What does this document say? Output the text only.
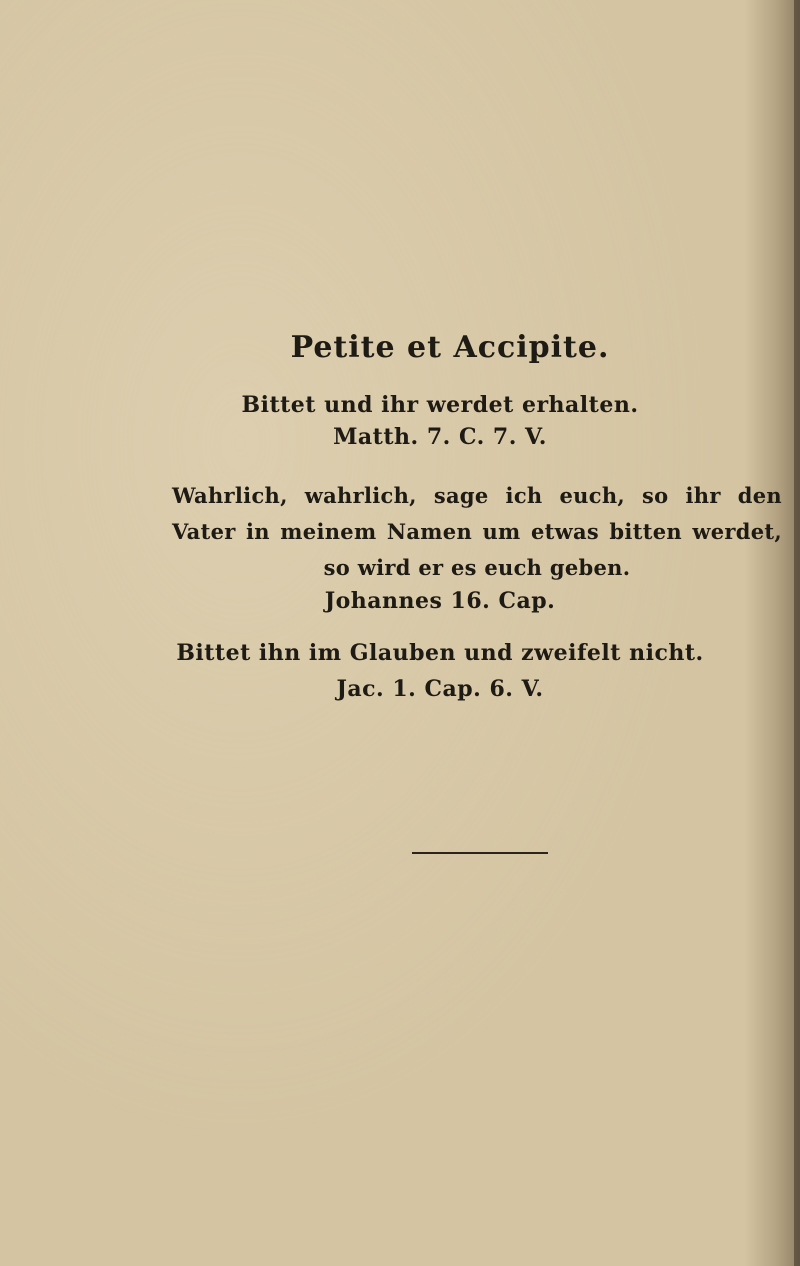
Petite et Accipite.
Bittet und ihr werdet erhalten.
Matth. 7. C. 7. V.
Wahrlich, wahrlich, sage ich euch, so ihr den Vater in meinem Namen um etwas bitten werdet, so wird er es euch geben.
Johannes 16. Cap.
Bittet ihn im Glauben und zweifelt nicht.
Jac. 1. Cap. 6. V.
